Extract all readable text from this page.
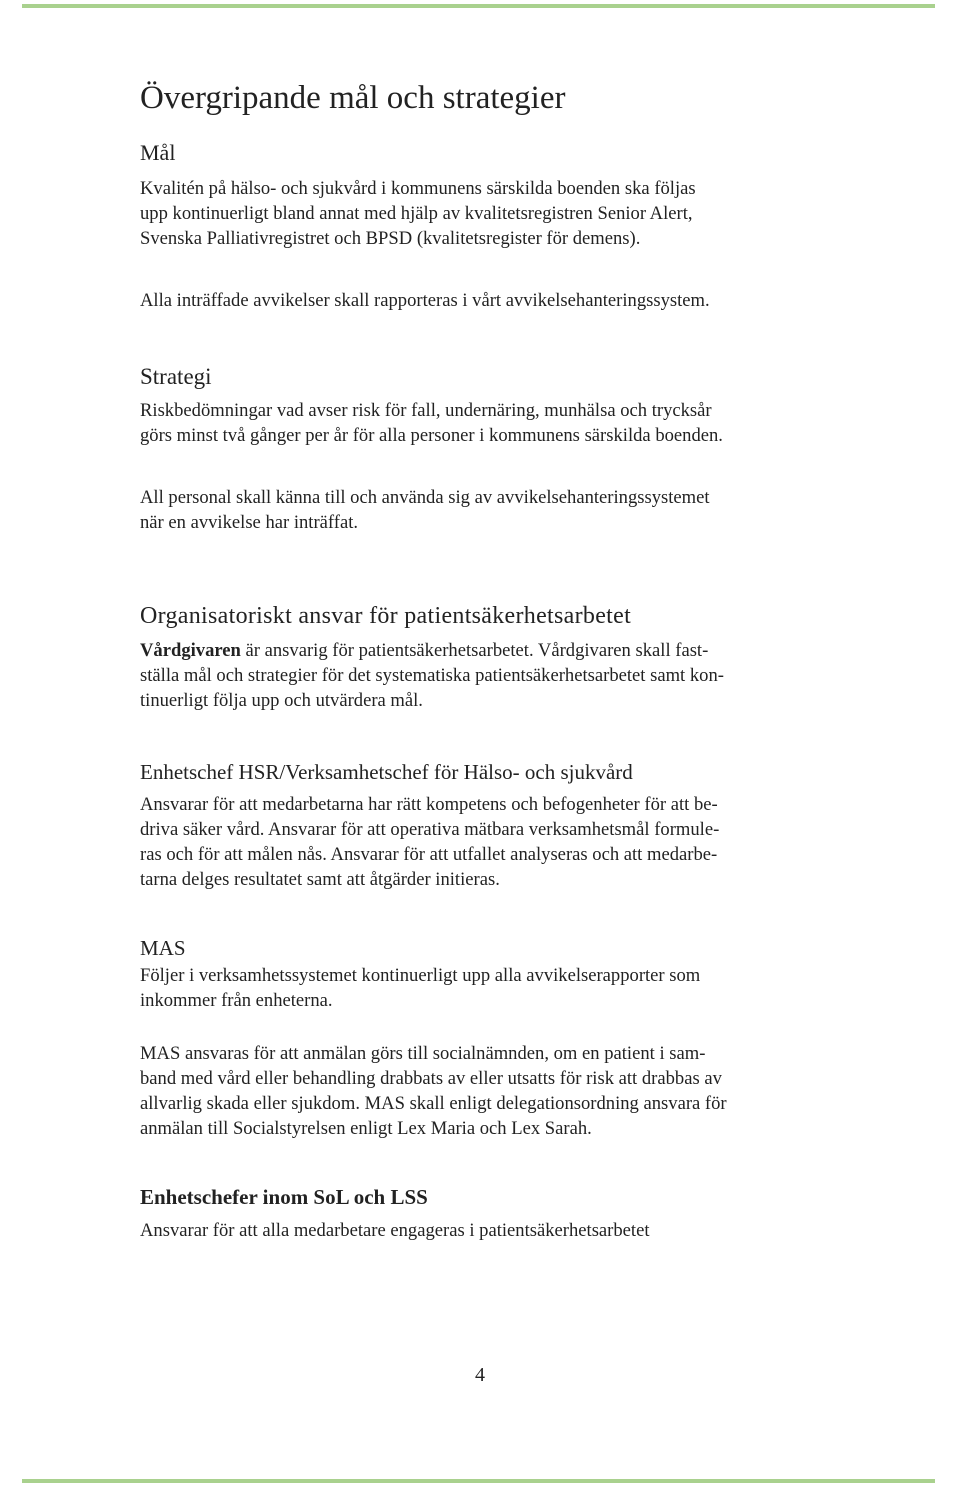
Övergripande mål och strategier
Mål

Kvalitén på hälso- och sjukvård i kommunens särskilda boenden ska följas
upp kontinuerligt bland annat med hjälp av kvalitetsregistren Senior Alert,
Svenska Palliativregistret och BPSD (kvalitetsregister för demens).

Alla inträffade avvikelser skall rapporteras i vårt avvikelsehanteringssystem.

Strategi

Riskbedömningar vad avser risk för fall, undernäring, munhälsa och trycksår
görs minst två gånger per år för alla personer i kommunens särskilda boenden.

All personal skall känna till och använda sig av avvikelsehanteringssystemet
när en avvikelse har inträffat.

Organisatoriskt ansvar för patientsäkerhetsarbetet

Vårdgivaren är ansvarig för patientsäkerhetsarbetet. Vårdgivaren skall fast-
ställa mål och strategier för det systematiska patientsäkerhetsarbetet samt kon-
tinuerligt följa upp och utvärdera mål.

Enhetschef HSR/Verksamhetschef för Hälso- och sjukvård

Ansvarar för att medarbetarna har rätt kompetens och befogenheter för att be-
driva säker vård. Ansvarar för att operativa mätbara verksamhetsmål formule-
ras och för att målen nås. Ansvarar för att utfallet analyseras och att medarbe-
tarna delges resultatet samt att åtgärder initieras.

MAS

Följer i verksamhetssystemet kontinuerligt upp alla avvikelserapporter som
inkommer från enheterna.

MAS ansvaras för att anmälan görs till socialnämnden, om en patient i sam-
band med vård eller behandling drabbats av eller utsatts för risk att drabbas av
allvarlig skada eller sjukdom. MAS skall enligt delegationsordning ansvara för
anmälan till Socialstyrelsen enligt Lex Maria och Lex Sarah.

Enhetschefer inom SoL och LSS

Ansvarar för att alla medarbetare engageras i patientsäkerhetsarbetet

4
